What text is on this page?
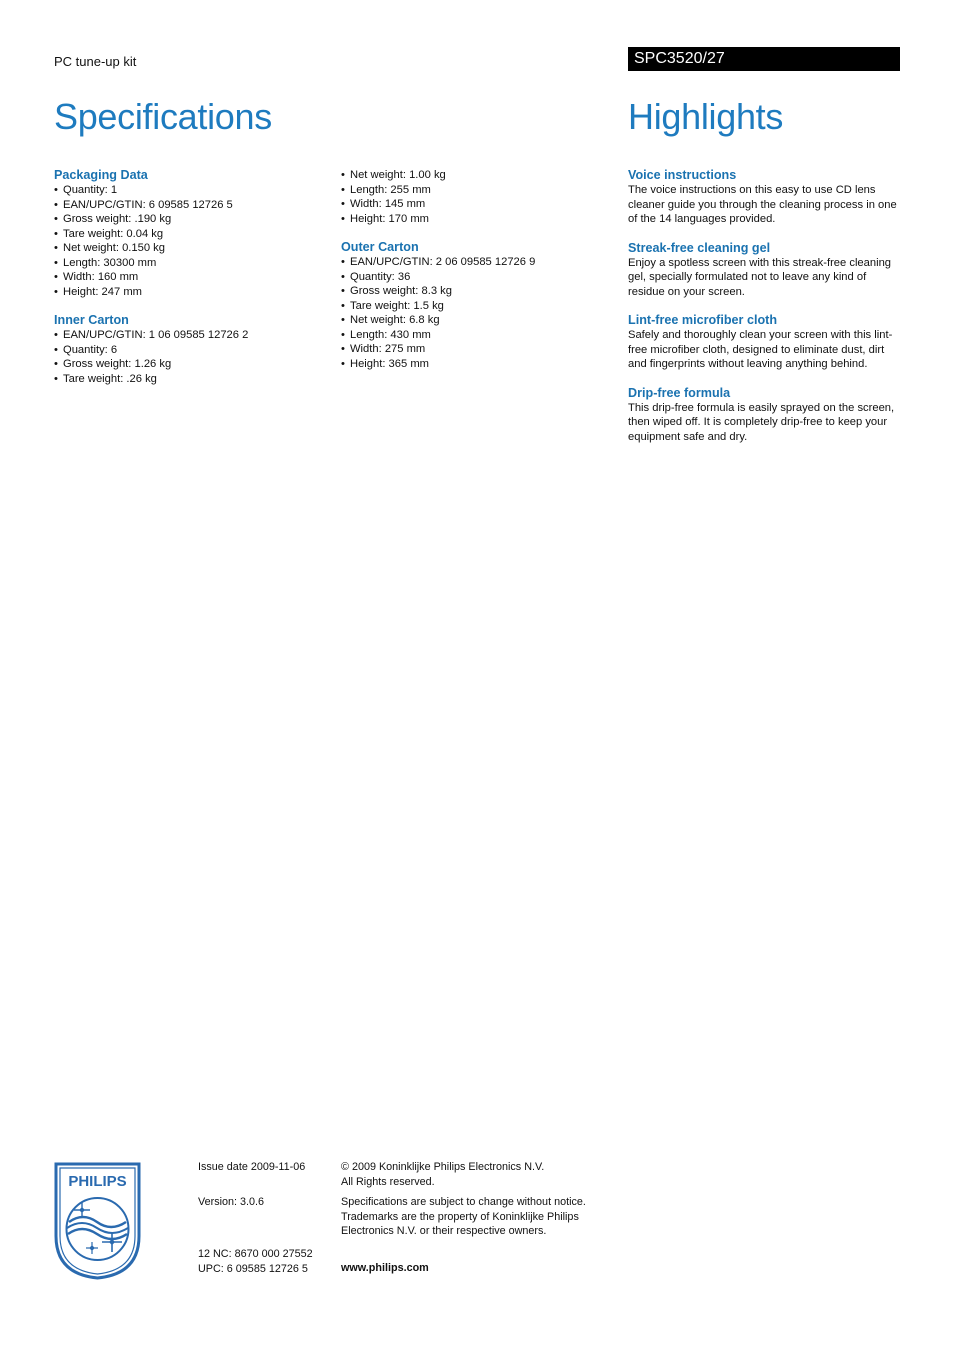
PC tune-up kit	SPC3520/27
Specifications	Highlights
Packaging Data
• Quantity: 1
• EAN/UPC/GTIN: 6 09585 12726 5
• Gross weight: .190 kg
• Tare weight: 0.04 kg
• Net weight: 0.150 kg
• Length: 30300 mm
• Width: 160 mm
• Height: 247 mm
Inner Carton
• EAN/UPC/GTIN: 1 06 09585 12726 2
• Quantity: 6
• Gross weight: 1.26 kg
• Tare weight: .26 kg
• Net weight: 1.00 kg
• Length: 255 mm
• Width: 145 mm
• Height: 170 mm
Outer Carton
• EAN/UPC/GTIN: 2 06 09585 12726 9
• Quantity: 36
• Gross weight: 8.3 kg
• Tare weight: 1.5 kg
• Net weight: 6.8 kg
• Length: 430 mm
• Width: 275 mm
• Height: 365 mm
Voice instructions
The voice instructions on this easy to use CD lens cleaner guide you through the cleaning process in one of the 14 languages provided.
Streak-free cleaning gel
Enjoy a spotless screen with this streak-free cleaning gel, specially formulated not to leave any kind of residue on your screen.
Lint-free microfiber cloth
Safely and thoroughly clean your screen with this lint-free microfiber cloth, designed to eliminate dust, dirt and fingerprints without leaving anything behind.
Drip-free formula
This drip-free formula is easily sprayed on the screen, then wiped off. It is completely drip-free to keep your equipment safe and dry.
PHILIPS
Issue date 2009-11-06
Version: 3.0.6
12 NC: 8670 000 27552
UPC: 6 09585 12726 5
© 2009 Koninklijke Philips Electronics N.V.
All Rights reserved.
Specifications are subject to change without notice.
Trademarks are the property of Koninklijke Philips
Electronics N.V. or their respective owners.
www.philips.com
